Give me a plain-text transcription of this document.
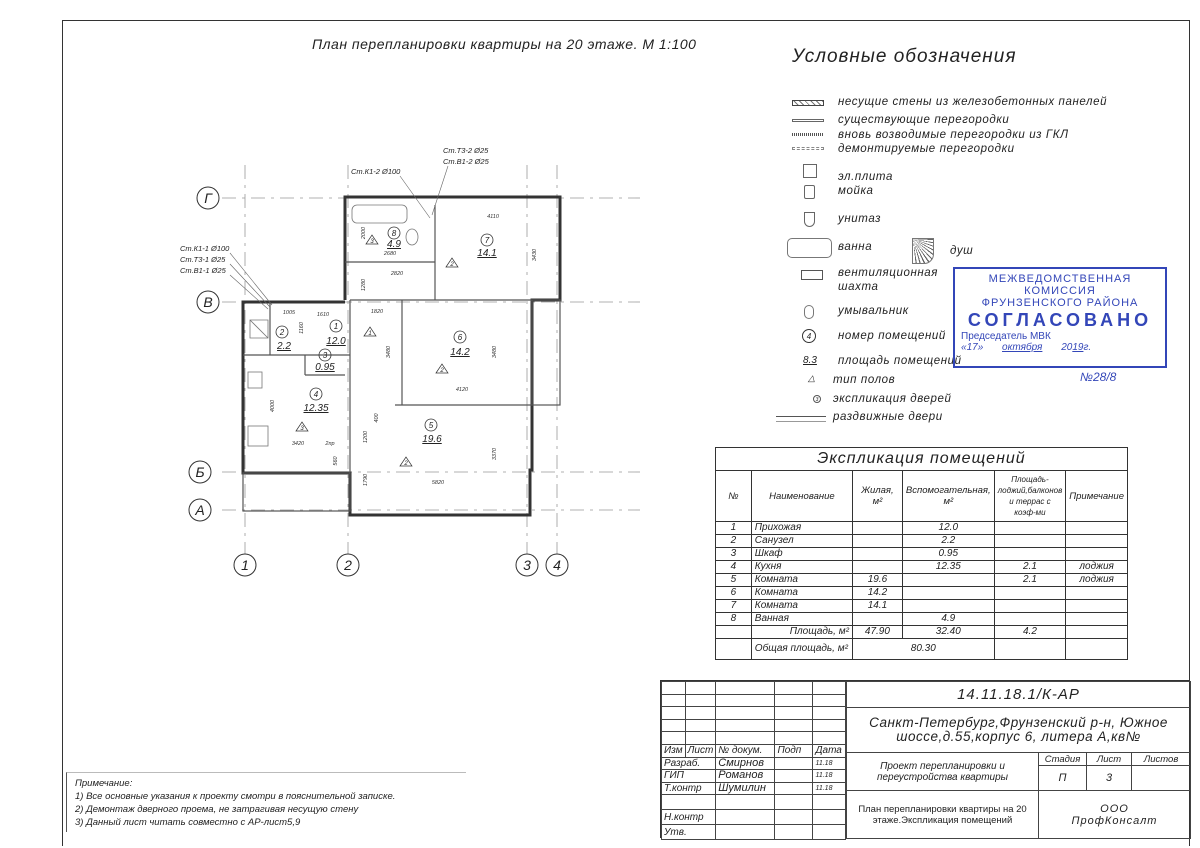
План перепланировки квартиры на 20 этаже. М 1:100
Г
В
Б
А
1	2	3 4
Ст.К1-2 Ø100
Ст.Т3-2 Ø25
Ст.В1-2 Ø25
Ст.К1-1 Ø100
Ст.Т3-1 Ø25
Ст.В1-1 Ø25
1
2
3
4
5
6
7
8
12.0
2.2
0.95
12.35
19.6
14.2
14.1
4.9
1
2
3
2
2
3
4110
3430
2680
2820
1280
1610	1820
3480	3480
4120
4000
3420	2пр
560
1790
1200
400
3370
5820
2000
1005
1160
Условные обозначения
несущие стены из железобетонных панелей
существующие перегородки
вновь возводимые перегородки из ГКЛ
демонтируемые перегородки
эл.плита
мойка
унитаз
ванна	душ
вентиляционная
шахта
умывальник
4	номер помещений
8.3 площадь помещений
△ тип полов
3 экспликация дверей
раздвижные двери
МЕЖВЕДОМСТВЕННАЯ
КОМИССИЯ
ФРУНЗЕНСКОГО РАЙОНА
СОГЛАСОВАНО
Председатель МВК
«17» октября 2019г.
№28/8
Экспликация помещений					
№	Наименование	Жилая, м²	Вспомогательная, м²	Площадь-лоджий,балконов и террас с коэф-ми	Примечание
1	Прихожая		12.0		
2	Санузел		2.2		
3	Шкаф		0.95		
4	Кухня		12.35	2.1	лоджия
5	Комната	19.6		2.1	лоджия
6	Комната	14.2			
7	Комната	14.1			
8	Ванная		4.9		
	Площадь, м²	47.90	32.40	4.2	
	Общая площадь, м²	80.30			
Примечание:
1) Все основные указания к проекту смотри в пояснительной записке.
2) Демонтаж дверного проема, не затрагивая несущую стену
3) Данный лист читать совместно с АР-лист5,9

Изм	Лист	№ докум.	Подп	Дата
Разраб.		Смирнов		11.18
ГИП		Романов		11.18
Т.контр		Шумилин		11.18

Н.контр				
Утв.				
14.11.18.1/К-АР
Санкт-Петербург,Фрунзенский р-н, Южное шоссе,д.55,корпус 6, литера А,кв№
Проект перепланировки и переустройства квартиры
Стадия	Лист	Листов
П	3
План перепланировки квартиры на 20 этаже.Экспликация помещений
ООО
ПрофКонсалт
